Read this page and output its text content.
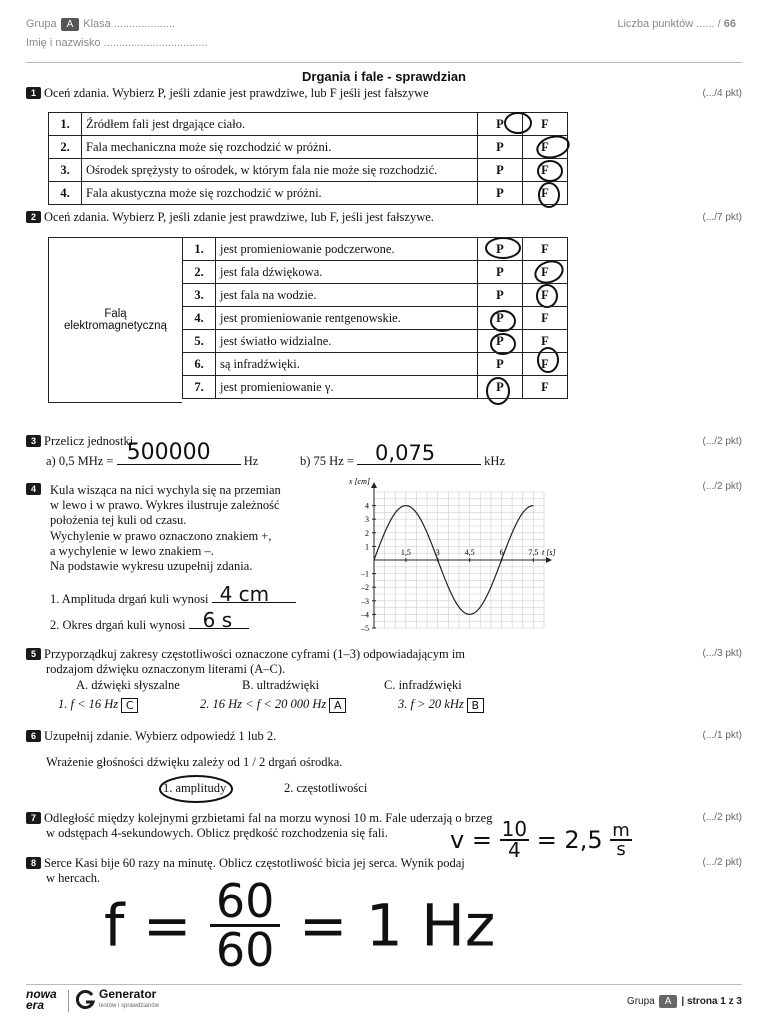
Grupa A Klasa ....................
Imię i nazwisko ..................................
Liczba punktów ...... / 66
Drgania i fale - sprawdzian
1 Oceń zdania. Wybierz P, jeśli zdanie jest prawdziwe, lub F jeśli jest fałszywe	(.../4 pkt)
1.	Źródłem fali jest drgające ciało.	P	F
2.	Fala mechaniczna może się rozchodzić w próżni.	P	F
3.	Ośrodek sprężysty to ośrodek, w którym fala nie może się rozchodzić.	P	F
4.	Fala akustyczna może się rozchodzić w próżni.	P	F
2 Oceń zdania. Wybierz P, jeśli zdanie jest prawdziwe, lub F, jeśli jest fałszywe.	(.../7 pkt)
Falą
elektromagnetyczną
1.	jest promieniowanie podczerwone.	P	F
2.	jest fala dźwiękowa.	P	F
3.	jest fala na wodzie.	P	F
4.	jest promieniowanie rentgenowskie.	P	F
5.	jest światło widzialne.	P	F
6.	są infradźwięki.	P	F
7.	jest promieniowanie γ.	P	F
3 Przelicz jednostki.	(.../2 pkt)
a) 0,5 MHz = 500000	Hz	b) 75 Hz = 0,075	kHz
4	Kula wisząca na nici wychyla się na przemian
w lewo i w prawo. Wykres ilustruje zależność
położenia tej kuli od czasu.
Wychylenie w prawo oznaczono znakiem +,
a wychylenie w lewo znakiem –.
Na podstawie wykresu uzupełnij zdania.
(.../2 pkt)
1. Amplituda drgań kuli wynosi 4 cm
2. Okres drgań kuli wynosi 6 s
4
3
2
1
–1
–2
–3
–4
–5
1,5	3	4,5	6	7,5
x [cm]
t [s]
5 Przyporządkuj zakresy częstotliwości oznaczone cyframi (1–3) odpowiadającym im
rodzajom dźwięku oznaczonym literami (A–C).
(.../3 pkt)
A. dźwięki słyszalne	B. ultradźwięki	C. infradźwięki
1. f < 16 Hz C	2. 16 Hz < f < 20 000 Hz A	3. f > 20 kHz B
6 Uzupełnij zdanie. Wybierz odpowiedź 1 lub 2.	(.../1 pkt)
Wrażenie głośności dźwięku zależy od 1 / 2 drgań ośrodka.
1. amplitudy	2. częstotliwości
7 Odległość między kolejnymi grzbietami fal na morzu wynosi 10 m. Fale uderzają o brzeg
w odstępach 4-sekundowych. Oblicz prędkość rozchodzenia się fali.
(.../2 pkt)
$v = \frac{10}{4} = 2,5 \frac{m}{s}$
8 Serce Kasi bije 60 razy na minutę. Oblicz częstotliwość bicia jej serca. Wynik podaj
w hercach.
(.../2 pkt)
$f = \frac{60}{60} = 1$ Hz
nowa
era
Generator
testów i sprawdzianów	Grupa A | strona 1 z 3
